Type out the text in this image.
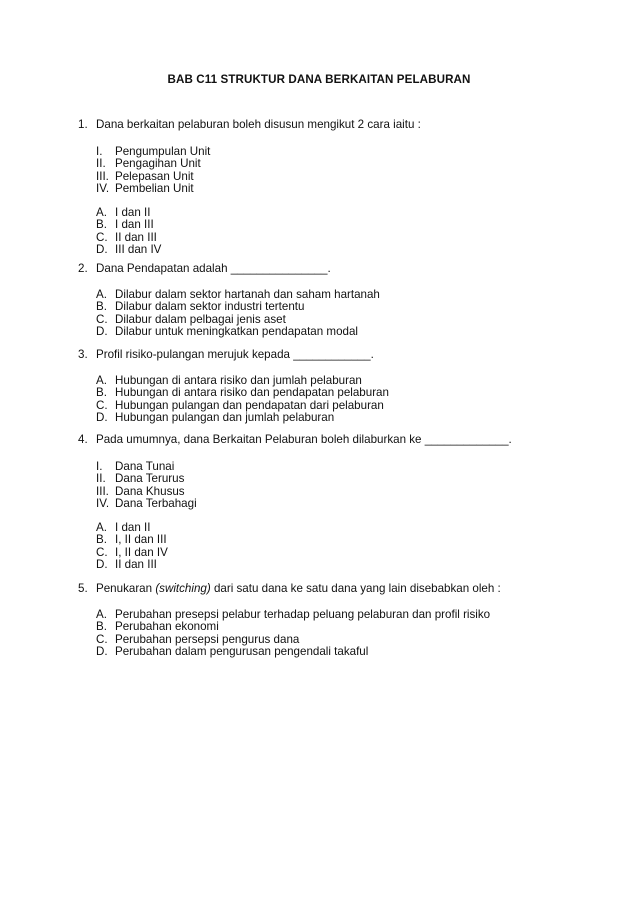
BAB C11 STRUKTUR DANA BERKAITAN PELABURAN
1. Dana berkaitan pelaburan boleh disusun mengikut 2 cara iaitu :
I. Pengumpulan Unit
II. Pengagihan Unit
III. Pelepasan Unit
IV. Pembelian Unit
A. I dan II
B. I dan III
C. II dan III
D. III dan IV
2. Dana Pendapatan adalah _______________.
A. Dilabur dalam sektor hartanah dan saham hartanah
B. Dilabur dalam sektor industri tertentu
C. Dilabur dalam pelbagai jenis aset
D. Dilabur untuk meningkatkan pendapatan modal
3. Profil risiko-pulangan merujuk kepada ____________.
A. Hubungan di antara risiko dan jumlah pelaburan
B. Hubungan di antara risiko dan pendapatan pelaburan
C. Hubungan pulangan dan pendapatan dari pelaburan
D. Hubungan pulangan dan jumlah pelaburan
4. Pada umumnya, dana Berkaitan Pelaburan boleh dilaburkan ke _____________.
I. Dana Tunai
II. Dana Terurus
III. Dana Khusus
IV. Dana Terbahagi
A. I dan II
B. I, II dan III
C. I, II dan IV
D. II dan III
5. Penukaran (switching) dari satu dana ke satu dana yang lain disebabkan oleh :
A. Perubahan presepsi pelabur terhadap peluang pelaburan dan profil risiko
B. Perubahan ekonomi
C. Perubahan persepsi pengurus dana
D. Perubahan dalam pengurusan pengendali takaful
